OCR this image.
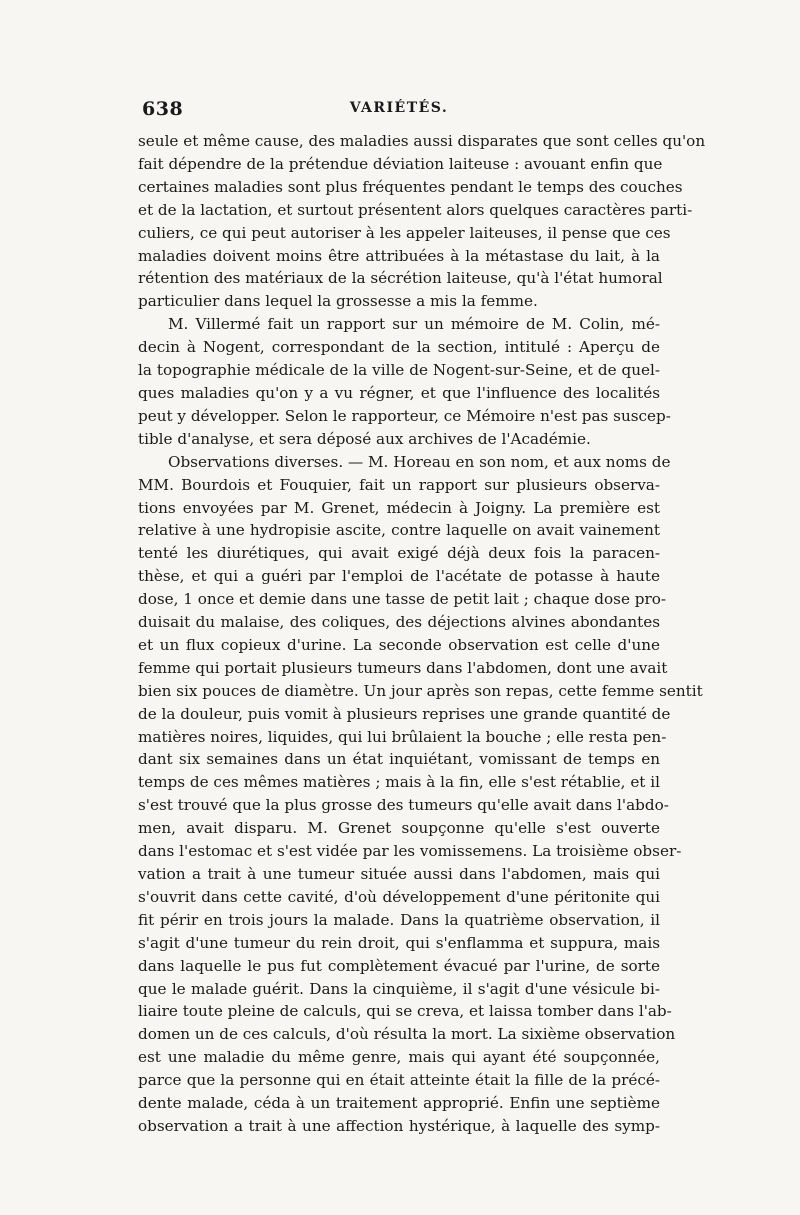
638	VARIÉTÉS.

seule et même cause, des maladies aussi disparates que sont celles qu'on

fait dépendre de la prétendue déviation laiteuse : avouant enfin que

certaines maladies sont plus fréquentes pendant le temps des couches

et de la lactation, et surtout présentent alors quelques caractères parti-

culiers, ce qui peut autoriser à les appeler laiteuses, il pense que ces

maladies doivent moins être attribuées à la métastase du lait, à la

rétention des matériaux de la sécrétion laiteuse, qu'à l'état humoral

particulier dans lequel la grossesse a mis la femme.

M. Villermé fait un rapport sur un mémoire de M. Colin, mé-

decin à Nogent, correspondant de la section, intitulé : Aperçu de

la topographie médicale de la ville de Nogent-sur-Seine, et de quel-

ques maladies qu'on y a vu régner, et que l'influence des localités

peut y développer. Selon le rapporteur, ce Mémoire n'est pas suscep-

tible d'analyse, et sera déposé aux archives de l'Académie.

Observations diverses. — M. Horeau en son nom, et aux noms de

MM. Bourdois et Fouquier, fait un rapport sur plusieurs observa-

tions envoyées par M. Grenet, médecin à Joigny. La première est

relative à une hydropisie ascite, contre laquelle on avait vainement

tenté les diurétiques, qui avait exigé déjà deux fois la paracen-

thèse, et qui a guéri par l'emploi de l'acétate de potasse à haute

dose, 1 once et demie dans une tasse de petit lait ; chaque dose pro-

duisait du malaise, des coliques, des déjections alvines abondantes

et un flux copieux d'urine. La seconde observation est celle d'une

femme qui portait plusieurs tumeurs dans l'abdomen, dont une avait

bien six pouces de diamètre. Un jour après son repas, cette femme sentit

de la douleur, puis vomit à plusieurs reprises une grande quantité de

matières noires, liquides, qui lui brûlaient la bouche ; elle resta pen-

dant six semaines dans un état inquiétant, vomissant de temps en

temps de ces mêmes matières ; mais à la fin, elle s'est rétablie, et il

s'est trouvé que la plus grosse des tumeurs qu'elle avait dans l'abdo-

men, avait disparu. M. Grenet soupçonne qu'elle s'est ouverte

dans l'estomac et s'est vidée par les vomissemens. La troisième obser-

vation a trait à une tumeur située aussi dans l'abdomen, mais qui

s'ouvrit dans cette cavité, d'où développement d'une péritonite qui

fit périr en trois jours la malade. Dans la quatrième observation, il

s'agit d'une tumeur du rein droit, qui s'enflamma et suppura, mais

dans laquelle le pus fut complètement évacué par l'urine, de sorte

que le malade guérit. Dans la cinquième, il s'agit d'une vésicule bi-

liaire toute pleine de calculs, qui se creva, et laissa tomber dans l'ab-

domen un de ces calculs, d'où résulta la mort. La sixième observation

est une maladie du même genre, mais qui ayant été soupçonnée,

parce que la personne qui en était atteinte était la fille de la précé-

dente malade, céda à un traitement approprié. Enfin une septième

observation a trait à une affection hystérique, à laquelle des symp-
